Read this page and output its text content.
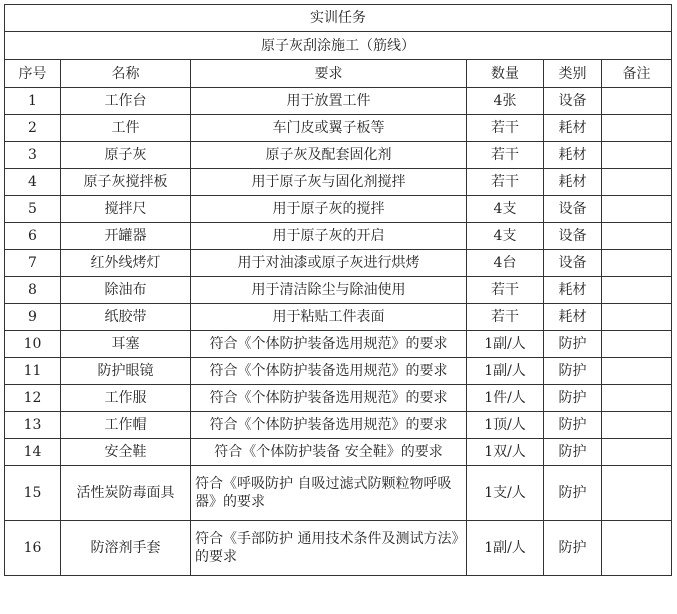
实训任务					
原子灰刮涂施工（筋线）					
序号	名称	要求	数量	类别	备注
1	工作台	用于放置工件	4张	设备	
2	工件	车门皮或翼子板等	若干	耗材	
3	原子灰	原子灰及配套固化剂	若干	耗材	
4	原子灰搅拌板	用于原子灰与固化剂搅拌	若干	耗材	
5	搅拌尺	用于原子灰的搅拌	4支	设备	
6	开罐器	用于原子灰的开启	4支	设备	
7	红外线烤灯	用于对油漆或原子灰进行烘烤	4台	设备	
8	除油布	用于清洁除尘与除油使用	若干	耗材	
9	纸胶带	用于粘贴工件表面	若干	耗材	
10	耳塞	符合《个体防护装备选用规范》的要求	1副/人	防护	
11	防护眼镜	符合《个体防护装备选用规范》的要求	1副/人	防护	
12	工作服	符合《个体防护装备选用规范》的要求	1件/人	防护	
13	工作帽	符合《个体防护装备选用规范》的要求	1顶/人	防护	
14	安全鞋	符合《个体防护装备 安全鞋》的要求	1双/人	防护	
15	活性炭防毒面具	符合《呼吸防护 自吸过滤式防颗粒物呼吸器》的要求	1支/人	防护	
16	防溶剂手套	符合《手部防护 通用技术条件及测试方法》的要求	1副/人	防护	
